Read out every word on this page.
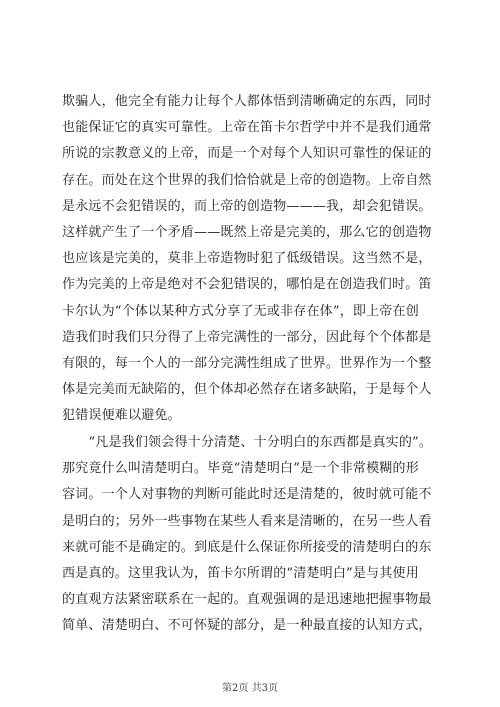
欺骗人，他完全有能力让每个人都体悟到清晰确定的东西，同时
也能保证它的真实可靠性。上帝在笛卡尔哲学中并不是我们通常
所说的宗教意义的上帝，而是一个对每个人知识可靠性的保证的
存在。而处在这个世界的我们恰恰就是上帝的创造物。上帝自然
是永远不会犯错误的，而上帝的创造物———我，却会犯错误。
这样就产生了一个矛盾——既然上帝是完美的，那么它的创造物
也应该是完美的，莫非上帝造物时犯了低级错误。这当然不是，
作为完美的上帝是绝对不会犯错误的，哪怕是在创造我们时。笛
卡尔认为“个体以某种方式分享了无或非存在体”，即上帝在创
造我们时我们只分得了上帝完满性的一部分，因此每个个体都是
有限的，每一个人的一部分完满性组成了世界。世界作为一个整
体是完美而无缺陷的，但个体却必然存在诸多缺陷，于是每个人
犯错误便难以避免。
　　“凡是我们领会得十分清楚、十分明白的东西都是真实的”。
那究竟什么叫清楚明白。毕竟“清楚明白”是一个非常模糊的形
容词。一个人对事物的判断可能此时还是清楚的，彼时就可能不
是明白的；另外一些事物在某些人看来是清晰的，在另一些人看
来就可能不是确定的。到底是什么保证你所接受的清楚明白的东
西是真的。这里我认为，笛卡尔所谓的“清楚明白”是与其使用
的直观方法紧密联系在一起的。直观强调的是迅速地把握事物最
简单、清楚明白、不可怀疑的部分，是一种最直接的认知方式，
第2页 共3页
